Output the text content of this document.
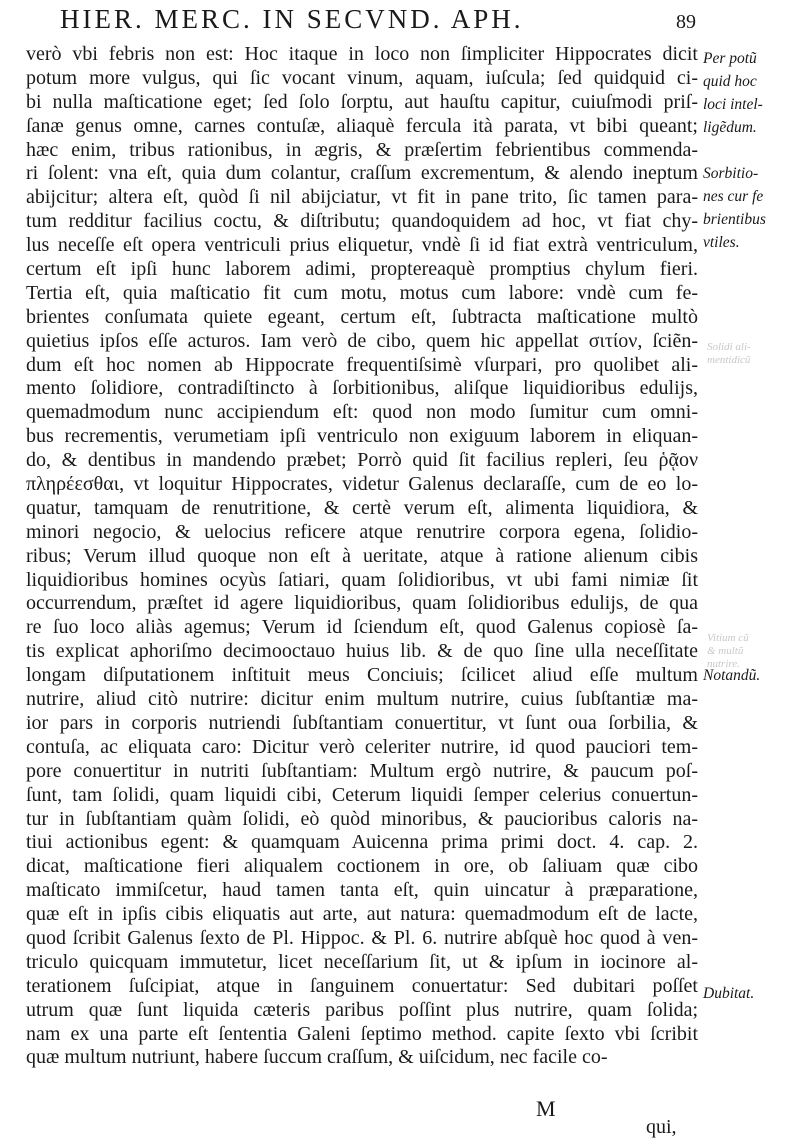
HIER. MERC. IN SECVND. APH.	89
verò vbi febris non est: Hoc itaque in loco non ſimpliciter Hippocrates dicit
potum more vulgus, qui ſic vocant vinum, aquam, iuſcula; ſed quidquid ci-
bi nulla maſticatione eget; ſed ſolo ſorptu, aut hauſtu capitur, cuiuſmodi priſ-
ſanæ genus omne, carnes contuſæ, aliaquè fercula ità parata, vt bibi queant;
hæc enim, tribus rationibus, in ægris, & præſertim febrientibus commenda-
ri ſolent: vna eſt, quia dum colantur, craſſum excrementum, & alendo ineptum
abijcitur; altera eſt, quòd ſi nil abijciatur, vt fit in pane trito, ſic tamen para-
tum redditur facilius coctu, & diſtributu; quandoquidem ad hoc, vt fiat chy-
lus neceſſe eſt opera ventriculi prius eliquetur, vndè ſi id fiat extrà ventriculum,
certum eſt ipſi hunc laborem adimi, proptereaquè promptius chylum fieri.
Tertia eſt, quia maſticatio fit cum motu, motus cum labore: vndè cum fe-
brientes conſumata quiete egeant, certum eſt, ſubtracta maſticatione multò
quietius ipſos eſſe acturos. Iam verò de cibo, quem hic appellat σιτίον, ſciẽn-
dum eſt hoc nomen ab Hippocrate frequentiſsimè vſurpari, pro quolibet ali-
mento ſolidiore, contradiſtincto à ſorbitionibus, aliſque liquidioribus edulijs,
quemadmodum nunc accipiendum eſt: quod non modo ſumitur cum omni-
bus recrementis, verumetiam ipſi ventriculo non exiguum laborem in eliquan-
do, & dentibus in mandendo præbet; Porrò quid ſit facilius repleri, ſeu ῥᾷον
πληρέεσθαι, vt loquitur Hippocrates, videtur Galenus declaraſſe, cum de eo lo-
quatur, tamquam de renutritione, & certè verum eſt, alimenta liquidiora, &
minori negocio, & uelocius reficere atque renutrire corpora egena, ſolidio-
ribus; Verum illud quoque non eſt à ueritate, atque à ratione alienum cibis
liquidioribus homines ocyùs ſatiari, quam ſolidioribus, vt ubi fami nimiæ ſit
occurrendum, præſtet id agere liquidioribus, quam ſolidioribus edulijs, de qua
re ſuo loco aliàs agemus; Verum id ſciendum eſt, quod Galenus copiosè ſa-
tis explicat aphoriſmo decimooctauo huius lib. & de quo ſine ulla neceſſitate
longam diſputationem inſtituit meus Conciuis; ſcilicet aliud eſſe multum
nutrire, aliud citò nutrire: dicitur enim multum nutrire, cuius ſubſtantiæ ma-
ior pars in corporis nutriendi ſubſtantiam conuertitur, vt ſunt oua ſorbilia, &
contuſa, ac eliquata caro: Dicitur verò celeriter nutrire, id quod pauciori tem-
pore conuertitur in nutriti ſubſtantiam: Multum ergò nutrire, & paucum poſ-
ſunt, tam ſolidi, quam liquidi cibi, Ceterum liquidi ſemper celerius conuertun-
tur in ſubſtantiam quàm ſolidi, eò quòd minoribus, & paucioribus caloris na-
tiui actionibus egent: & quamquam Auicenna prima primi doct. 4. cap. 2.
dicat, maſticatione fieri aliqualem coctionem in ore, ob ſaliuam quæ cibo
maſticato immiſcetur, haud tamen tanta eſt, quin uincatur à præparatione,
quæ eſt in ipſis cibis eliquatis aut arte, aut natura: quemadmodum eſt de lacte,
quod ſcribit Galenus ſexto de Pl. Hippoc. & Pl. 6. nutrire abſquè hoc quod à ven-
triculo quicquam immutetur, licet neceſſarium ſit, ut & ipſum in iocinore al-
terationem ſuſcipiat, atque in ſanguinem conuertatur: Sed dubitari poſſet
utrum quæ ſunt liquida cæteris paribus poſſint plus nutrire, quam ſolida;
nam ex una parte eſt ſententia Galeni ſeptimo method. capite ſexto vbi ſcribit
quæ multum nutriunt, habere ſuccum craſſum, & uiſcidum, nec facile co-
Per potũ
quid hoc
loci intel-
ligẽdum.
Sorbitio-
nes cur fe
brientibus
vtiles.
Notandũ.
Dubitat.
Solidi ali-
mentidicũ
Vitium cũ
& multũ
nutrire.
M
qui,
